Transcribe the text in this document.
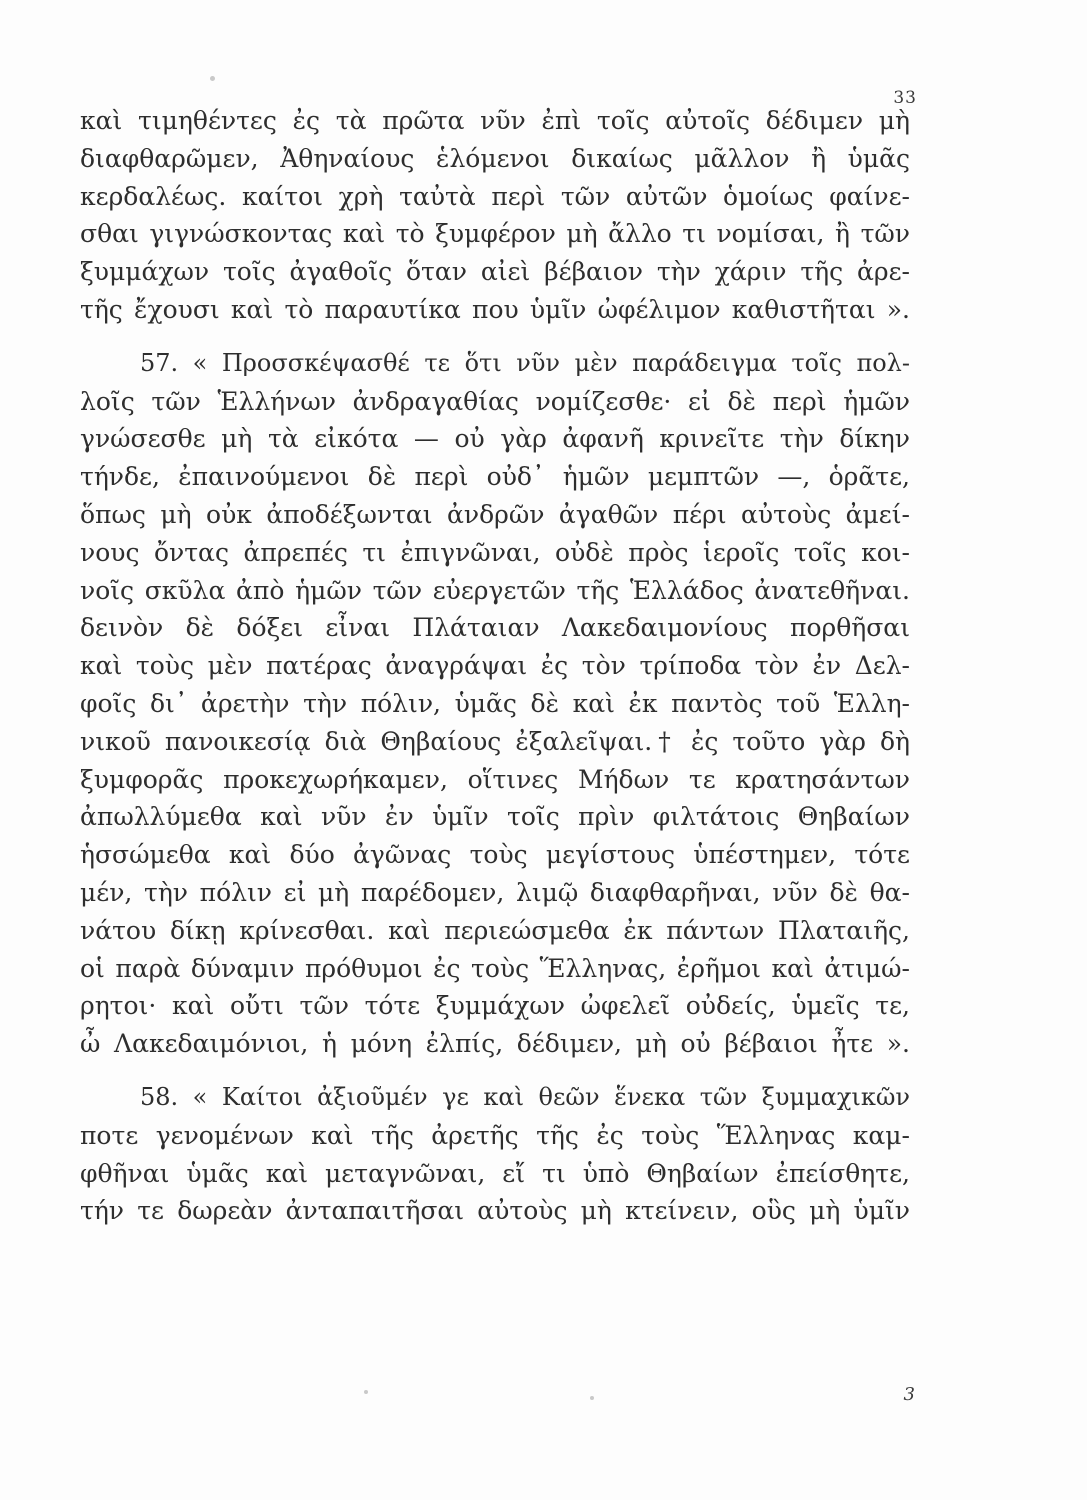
33
καὶ τιμηθέντες ἐς τὰ πρῶτα νῦν ἐπὶ τοῖς αὐτοῖς δέδιμεν μὴ
διαφθαρῶμεν, Ἀθηναίους ἑλόμενοι δικαίως μᾶλλον ἢ ὑμᾶς
κερδαλέως. καίτοι χρὴ ταὐτὰ περὶ τῶν αὐτῶν ὁμοίως φαίνε-
σθαι γιγνώσκοντας καὶ τὸ ξυμφέρον μὴ ἄλλο τι νομίσαι, ἢ τῶν
ξυμμάχων τοῖς ἀγαθοῖς ὅταν αἰεὶ βέβαιον τὴν χάριν τῆς ἀρε-
τῆς ἔχουσι καὶ τὸ παραυτίκα που ὑμῖν ὠφέλιμον καθιστῆται ».
57. « Προσσκέψασθέ τε ὅτι νῦν μὲν παράδειγμα τοῖς πολ-
λοῖς τῶν Ἑλλήνων ἀνδραγαθίας νομίζεσθε· εἰ δὲ περὶ ἡμῶν
γνώσεσθε μὴ τὰ εἰκότα — οὐ γὰρ ἀφανῆ κρινεῖτε τὴν δίκην
τήνδε, ἐπαινούμενοι δὲ περὶ οὐδ᾿ ἡμῶν μεμπτῶν —, ὁρᾶτε,
ὅπως μὴ οὐκ ἀποδέξωνται ἀνδρῶν ἀγαθῶν πέρι αὐτοὺς ἀμεί-
νους ὄντας ἀπρεπές τι ἐπιγνῶναι, οὐδὲ πρὸς ἱεροῖς τοῖς κοι-
νοῖς σκῦλα ἀπὸ ἡμῶν τῶν εὐεργετῶν τῆς Ἑλλάδος ἀνατεθῆναι.
δεινὸν δὲ δόξει εἶναι Πλάταιαν Λακεδαιμονίους πορθῆσαι
καὶ τοὺς μὲν πατέρας ἀναγράψαι ἐς τὸν τρίποδα τὸν ἐν Δελ-
φοῖς δι᾿ ἀρετὴν τὴν πόλιν, ὑμᾶς δὲ καὶ ἐκ παντὸς τοῦ Ἑλλη-
νικοῦ πανοικεσίᾳ διὰ Θηβαίους ἐξαλεῖψαι.† ἐς τοῦτο γὰρ δὴ
ξυμφορᾶς προκεχωρήκαμεν, οἵτινες Μήδων τε κρατησάντων
ἀπωλλύμεθα καὶ νῦν ἐν ὑμῖν τοῖς πρὶν φιλτάτοις Θηβαίων
ἡσσώμεθα καὶ δύο ἀγῶνας τοὺς μεγίστους ὑπέστημεν, τότε
μέν, τὴν πόλιν εἰ μὴ παρέδομεν, λιμῷ διαφθαρῆναι, νῦν δὲ θα-
νάτου δίκῃ κρίνεσθαι. καὶ περιεώσμεθα ἐκ πάντων Πλαταιῆς,
οἱ παρὰ δύναμιν πρόθυμοι ἐς τοὺς Ἕλληνας, ἐρῆμοι καὶ ἀτιμώ-
ρητοι· καὶ οὔτι τῶν τότε ξυμμάχων ὠφελεῖ οὐδείς, ὑμεῖς τε,
ὦ Λακεδαιμόνιοι, ἡ μόνη ἐλπίς, δέδιμεν, μὴ οὐ βέβαιοι ἦτε ».
58. « Καίτοι ἀξιοῦμέν γε καὶ θεῶν ἕνεκα τῶν ξυμμαχικῶν
ποτε γενομένων καὶ τῆς ἀρετῆς τῆς ἐς τοὺς Ἕλληνας καμ-
φθῆναι ὑμᾶς καὶ μεταγνῶναι, εἴ τι ὑπὸ Θηβαίων ἐπείσθητε,
τήν τε δωρεὰν ἀνταπαιτῆσαι αὐτοὺς μὴ κτείνειν, οὓς μὴ ὑμῖν
3
